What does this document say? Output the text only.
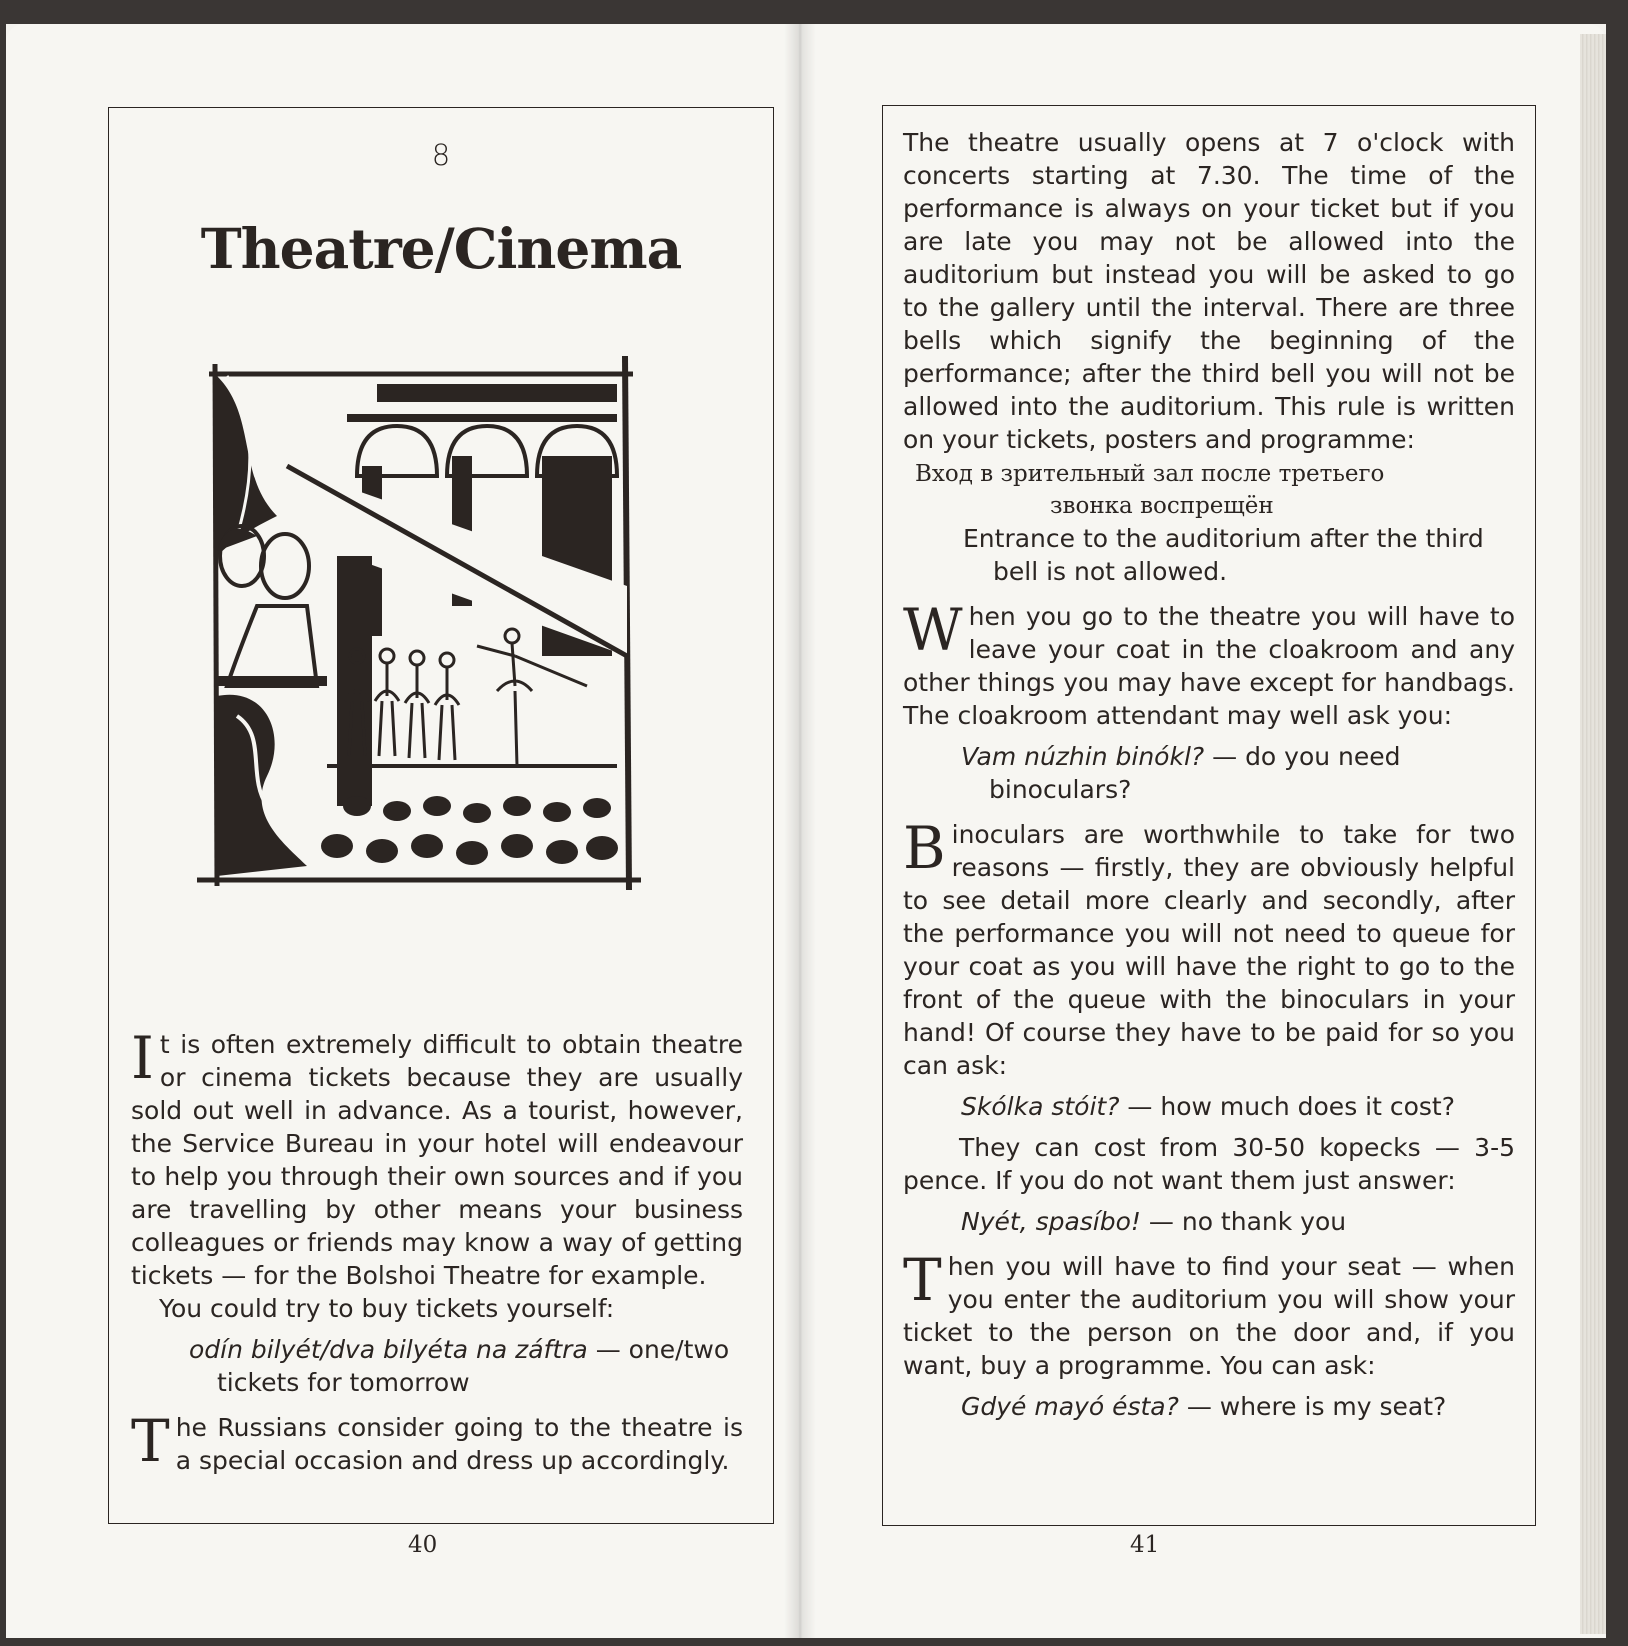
8
Theatre/Cinema

It is often extremely difficult to obtain theatre or cinema tickets because they are usually sold out well in advance. As a tourist, however, the Service Bureau in your hotel will endeavour to help you through their own sources and if you are travelling by other means your business colleagues or friends may know a way of getting tickets — for the Bolshoi Theatre for example.

You could try to buy tickets yourself:

odín bilyét/dva bilyéta na záftra — one/two tickets for tomorrow

The Russians consider going to the theatre is a special occasion and dress up accordingly.

40

The theatre usually opens at 7 o'clock with concerts starting at 7.30. The time of the performance is always on your ticket but if you are late you may not be allowed into the auditorium but instead you will be asked to go to the gallery until the interval. There are three bells which signify the beginning of the performance; after the third bell you will not be allowed into the auditorium. This rule is written on your tickets, posters and programme:

Вход в зрительный зал после третьего
звонка воспрещён

Entrance to the auditorium after the third bell is not allowed.

When you go to the theatre you will have to leave your coat in the cloakroom and any other things you may have except for handbags. The cloakroom attendant may well ask you:

Vam núzhin binókl? — do you need binoculars?

Binoculars are worthwhile to take for two reasons — firstly, they are obviously helpful to see detail more clearly and secondly, after the performance you will not need to queue for your coat as you will have the right to go to the front of the queue with the binoculars in your hand! Of course they have to be paid for so you can ask:

Skólka stóit? — how much does it cost?

They can cost from 30-50 kopecks — 3-5 pence. If you do not want them just answer:

Nyét, spasíbo! — no thank you

Then you will have to find your seat — when you enter the auditorium you will show your ticket to the person on the door and, if you want, buy a programme. You can ask:

Gdyé mayó ésta? — where is my seat?

41
